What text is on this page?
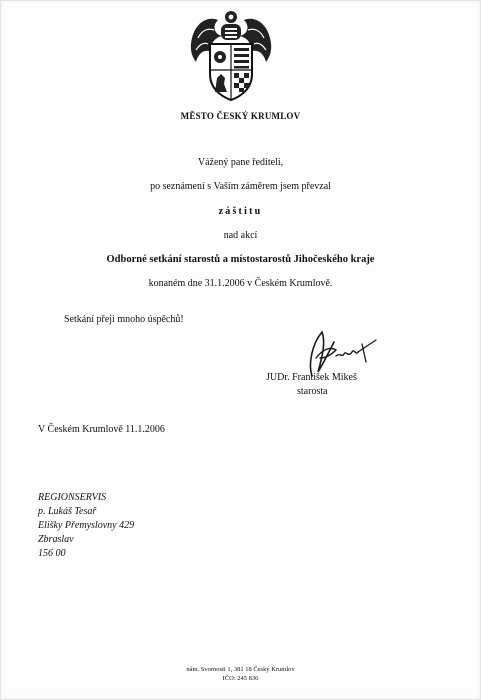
MĚSTO ČESKÝ KRUMLOV
Vážený pane řediteli,
po seznámení s Vaším záměrem jsem převzal
záštitu
nad akcí
Odborné setkání starostů a místostarostů Jihočeského kraje
konaném dne 31.1.2006 v Českém Krumlově.
Setkání přeji mnoho úspěchů!
JUDr. František Mikeš
starosta
V Českém Krumlově 11.1.2006
REGIONSERVIS
p. Lukáš Tesař
Elišky Přemyslovny 429
Zbraslav
156 00
nám. Svornosti 1, 381 18 Český Krumlov
IČO: 245 836
